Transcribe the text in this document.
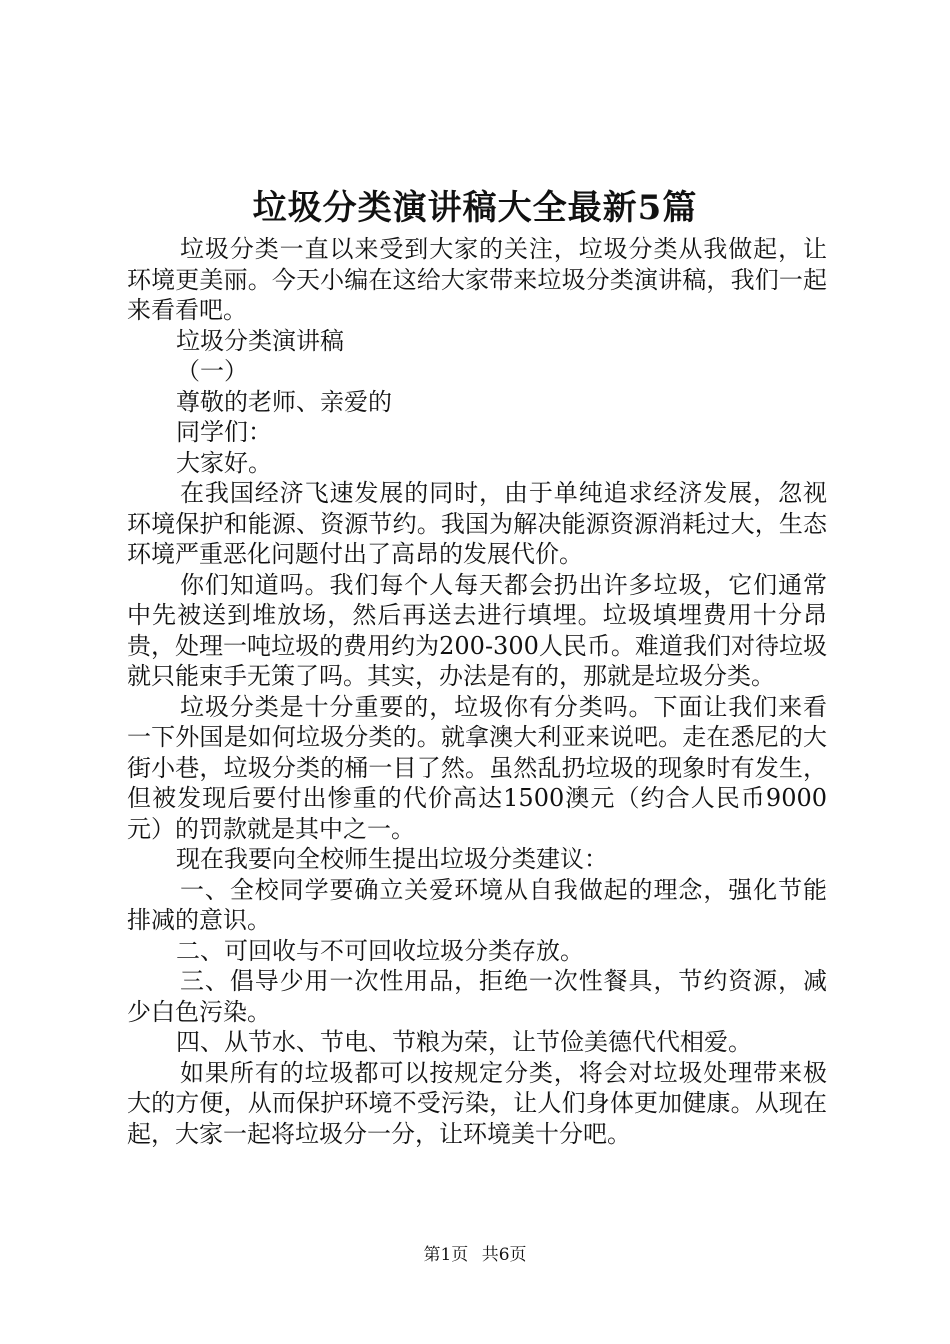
垃圾分类演讲稿大全最新5篇

垃圾分类一直以来受到大家的关注，垃圾分类从我做起，让环境更美丽。今天小编在这给大家带来垃圾分类演讲稿，我们一起来看看吧。

垃圾分类演讲稿

（一）

尊敬的老师、亲爱的

同学们：

大家好。

在我国经济飞速发展的同时，由于单纯追求经济发展，忽视环境保护和能源、资源节约。我国为解决能源资源消耗过大，生态环境严重恶化问题付出了高昂的发展代价。

你们知道吗。我们每个人每天都会扔出许多垃圾，它们通常中先被送到堆放场，然后再送去进行填埋。垃圾填埋费用十分昂贵，处理一吨垃圾的费用约为200-300人民币。难道我们对待垃圾就只能束手无策了吗。其实，办法是有的，那就是垃圾分类。

垃圾分类是十分重要的，垃圾你有分类吗。下面让我们来看一下外国是如何垃圾分类的。就拿澳大利亚来说吧。走在悉尼的大街小巷，垃圾分类的桶一目了然。虽然乱扔垃圾的现象时有发生，但被发现后要付出惨重的代价高达1500澳元（约合人民币9000元）的罚款就是其中之一。

现在我要向全校师生提出垃圾分类建议：

一、全校同学要确立关爱环境从自我做起的理念，强化节能排减的意识。

二、可回收与不可回收垃圾分类存放。

三、倡导少用一次性用品，拒绝一次性餐具，节约资源，减少白色污染。

四、从节水、节电、节粮为荣，让节俭美德代代相爱。

如果所有的垃圾都可以按规定分类，将会对垃圾处理带来极大的方便，从而保护环境不受污染，让人们身体更加健康。从现在起，大家一起将垃圾分一分，让环境美十分吧。

第1页 共6页
